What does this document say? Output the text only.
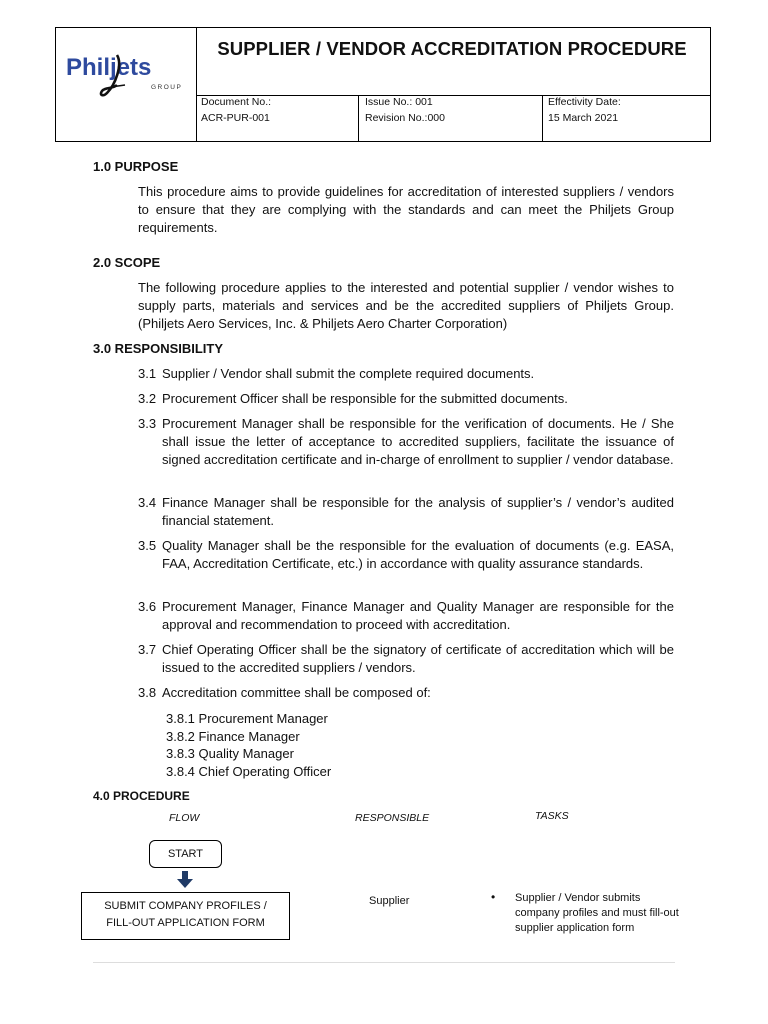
Philjets
GROUP
SUPPLIER / VENDOR ACCREDITATION PROCEDURE
Document No.:
ACR-PUR-001
Issue No.: 001
Revision No.:000
Effectivity Date:
15 March 2021
1.0 PURPOSE
This procedure aims to provide guidelines for accreditation of interested suppliers / vendors to ensure that they are complying with the standards and can meet the Philjets Group requirements.
2.0 SCOPE
The following procedure applies to the interested and potential supplier / vendor wishes to supply parts, materials and services and be the accredited suppliers of Philjets Group. (Philjets Aero Services, Inc. & Philjets Aero Charter Corporation)
3.0 RESPONSIBILITY
3.1 Supplier / Vendor shall submit the complete required documents.
3.2 Procurement Officer shall be responsible for the submitted documents.
3.3 Procurement Manager shall be responsible for the verification of documents. He / She shall issue the letter of acceptance to accredited suppliers, facilitate the issuance of signed accreditation certificate and in-charge of enrollment to supplier / vendor database.
3.4 Finance Manager shall be responsible for the analysis of supplier’s / vendor’s audited financial statement.
3.5 Quality Manager shall be the responsible for the evaluation of documents (e.g. EASA, FAA, Accreditation Certificate, etc.) in accordance with quality assurance standards.
3.6 Procurement Manager, Finance Manager and Quality Manager are responsible for the approval and recommendation to proceed with accreditation.
3.7 Chief Operating Officer shall be the signatory of certificate of accreditation which will be issued to the accredited suppliers / vendors.
3.8 Accreditation committee shall be composed of:
3.8.1 Procurement Manager
3.8.2 Finance Manager
3.8.3 Quality Manager
3.8.4 Chief Operating Officer
4.0 PROCEDURE
FLOW	RESPONSIBLE	TASKS
START
SUBMIT COMPANY PROFILES /
FILL-OUT APPLICATION FORM
Supplier	• Supplier / Vendor submits company profiles and must fill-out supplier application form
